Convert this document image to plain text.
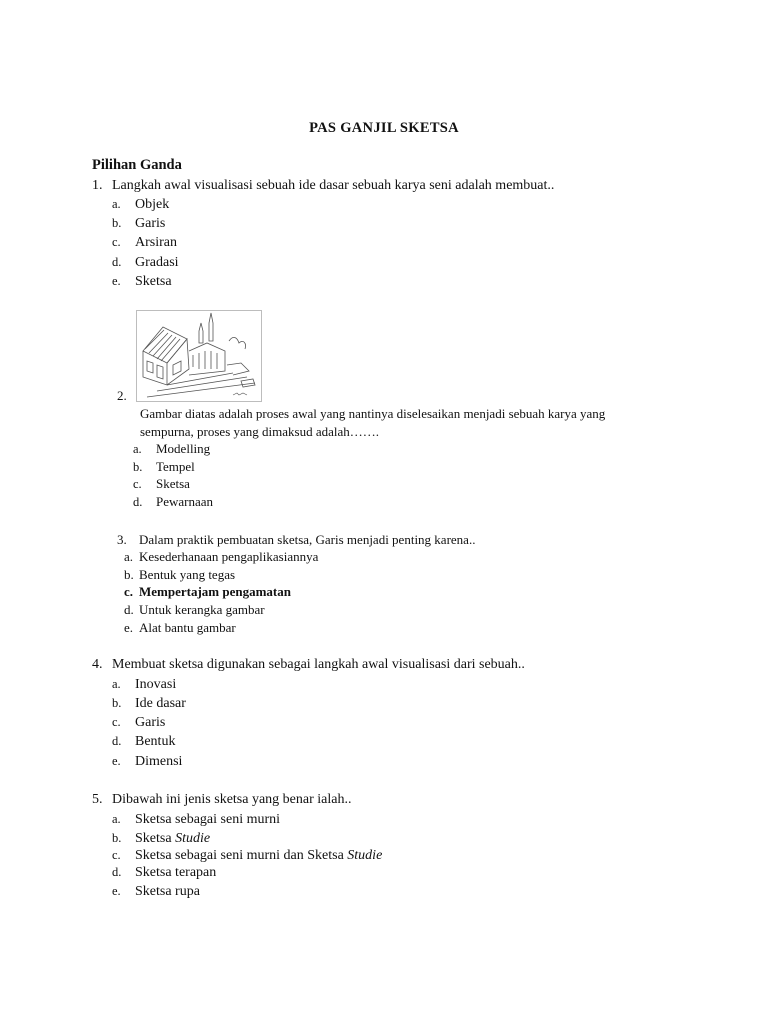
PAS GANJIL SKETSA
Pilihan Ganda
1. Langkah awal visualisasi sebuah ide dasar sebuah karya seni adalah membuat..
a. Objek
b. Garis
c. Arsiran
d. Gradasi
e. Sketsa
2.
Gambar diatas adalah proses awal yang nantinya diselesaikan menjadi sebuah karya yang
sempurna, proses yang dimaksud adalah…….
a. Modelling
b. Tempel
c. Sketsa
d. Pewarnaan
3. Dalam praktik pembuatan sketsa, Garis menjadi penting karena..
a. Kesederhanaan pengaplikasiannya
b. Bentuk yang tegas
c. Mempertajam pengamatan
d. Untuk kerangka gambar
e. Alat bantu gambar
4. Membuat sketsa digunakan sebagai langkah awal visualisasi dari sebuah..
a. Inovasi
b. Ide dasar
c. Garis
d. Bentuk
e. Dimensi
5. Dibawah ini jenis sketsa yang benar ialah..
a. Sketsa sebagai seni murni
b. Sketsa Studie
c. Sketsa sebagai seni murni dan Sketsa Studie
d. Sketsa terapan
e. Sketsa rupa
